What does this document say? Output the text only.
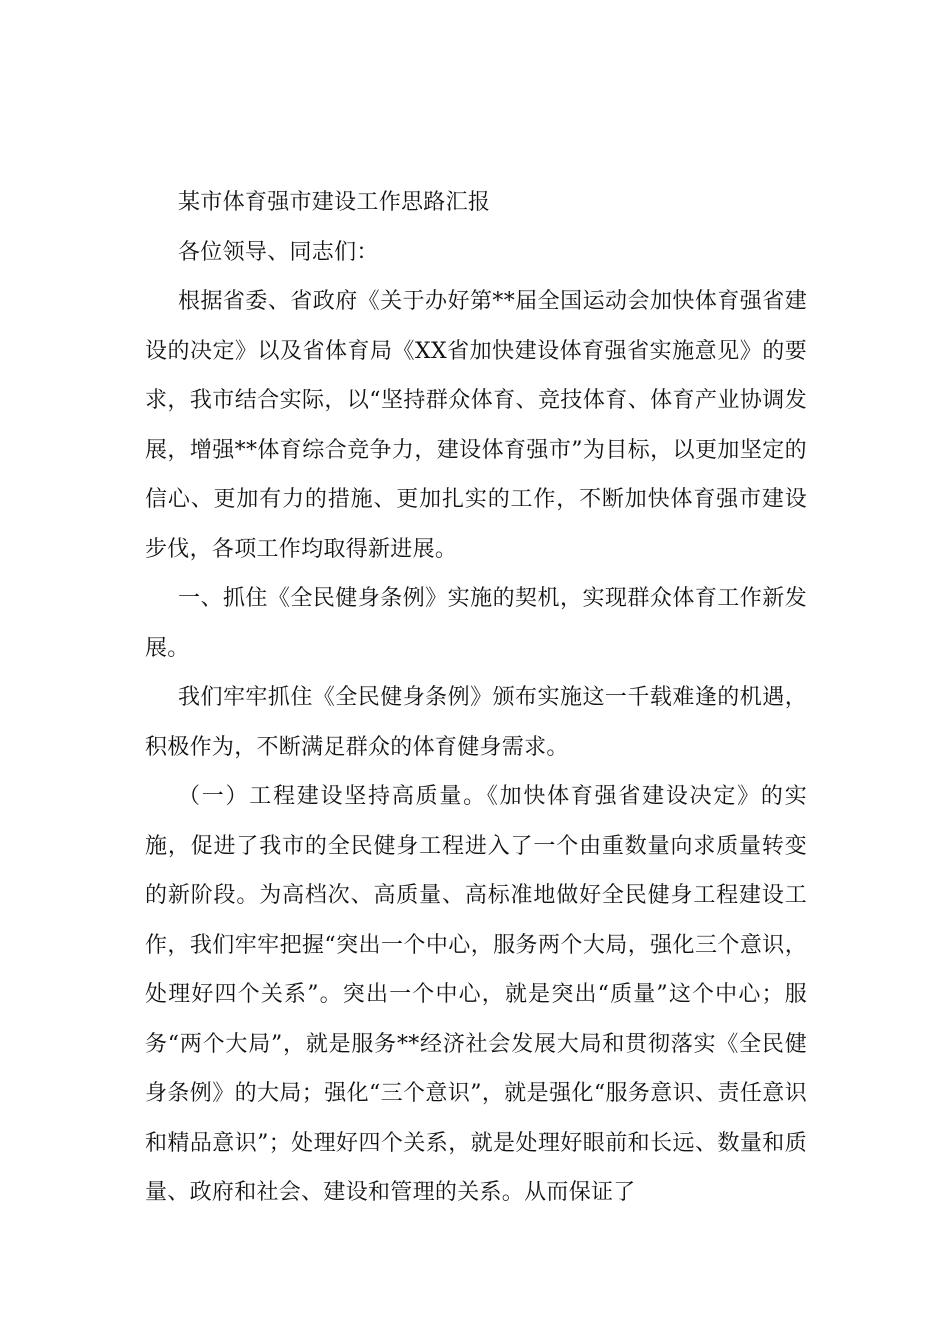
某市体育强市建设工作思路汇报

各位领导、同志们：

根据省委、省政府《关于办好第**届全国运动会加快体育强省建设的决定》以及省体育局《XX省加快建设体育强省实施意见》的要求，我市结合实际，以“坚持群众体育、竞技体育、体育产业协调发展，增强**体育综合竞争力，建设体育强市”为目标，以更加坚定的信心、更加有力的措施、更加扎实的工作，不断加快体育强市建设步伐，各项工作均取得新进展。

一、抓住《全民健身条例》实施的契机，实现群众体育工作新发展。

我们牢牢抓住《全民健身条例》颁布实施这一千载难逢的机遇，积极作为，不断满足群众的体育健身需求。

（一）工程建设坚持高质量。《加快体育强省建设决定》的实施，促进了我市的全民健身工程进入了一个由重数量向求质量转变的新阶段。为高档次、高质量、高标准地做好全民健身工程建设工作，我们牢牢把握“突出一个中心，服务两个大局，强化三个意识，处理好四个关系”。突出一个中心，就是突出“质量”这个中心；服务“两个大局”，就是服务**经济社会发展大局和贯彻落实《全民健身条例》的大局；强化“三个意识”，就是强化“服务意识、责任意识和精品意识”；处理好四个关系，就是处理好眼前和长远、数量和质量、政府和社会、建设和管理的关系。从而保证了
